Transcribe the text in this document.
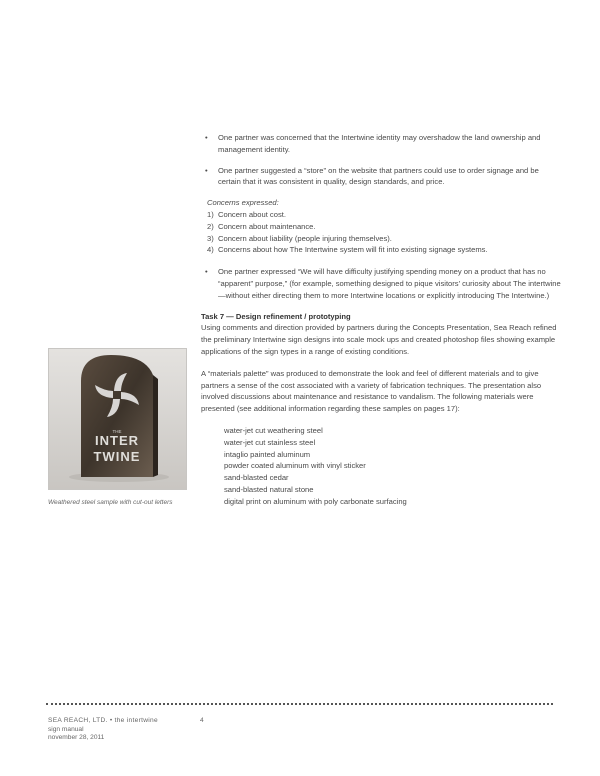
• One partner was concerned that the Intertwine identity may overshadow the land ownership and management identity.
• One partner suggested a “store” on the website that partners could use to order signage and be certain that it was consistent in quality, design standards, and price.
Concerns expressed:
1) Concern about cost.
2) Concern about maintenance.
3) Concern about liability (people injuring themselves).
4) Concerns about how The Intertwine system will fit into existing signage systems.
• One partner expressed “We will have difficulty justifying spending money on a product that has no “apparent” purpose,” (for example, something designed to pique visitors’ curiosity about The intertwine—without either directing them to more Intertwine locations or explicitly introducing The Intertwine.)
Task 7 — Design refinement / prototyping
Using comments and direction provided by partners during the Concepts Presentation, Sea Reach refined the preliminary Intertwine sign designs into scale mock ups and created photoshop files showing example applications of the sign types in a range of existing conditions.
A “materials palette” was produced to demonstrate the look and feel of different materials and to give partners a sense of the cost associated with a variety of fabrication techniques. The presentation also involved discussions about maintenance and resistance to vandalism. The following materials were presented (see additional information regarding these samples on pages 17):
water-jet cut weathering steel
water-jet cut stainless steel
intaglio painted aluminum
powder coated aluminum with vinyl sticker
sand-blasted cedar
sand-blasted natural stone
digital print on aluminum with poly carbonate surfacing
THE
INTER
TWINE
Weathered steel sample with cut-out letters
SEA REACH, LTD. • the intertwine
sign manual
november 28, 2011
4
